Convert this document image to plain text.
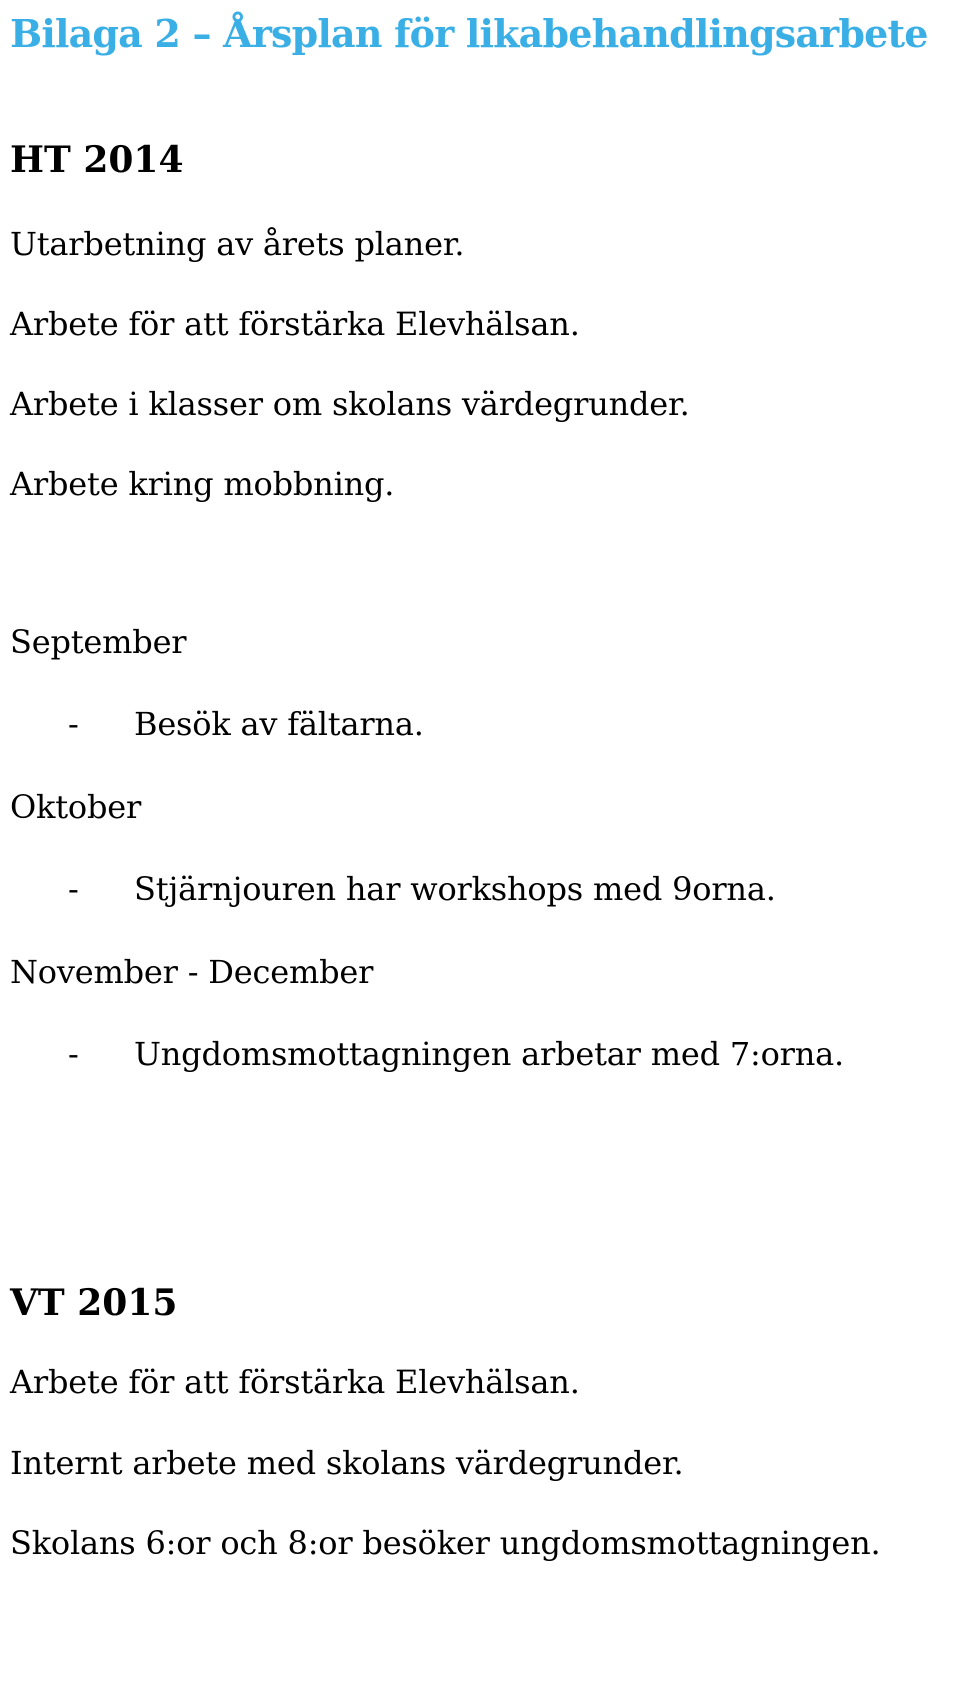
Bilaga 2 – Årsplan för likabehandlingsarbete
HT 2014
Utarbetning av årets planer.
Arbete för att förstärka Elevhälsan.
Arbete i klasser om skolans värdegrunder.
Arbete kring mobbning.
September
- Besök av fältarna.
Oktober
- Stjärnjouren har workshops med 9orna.
November - December
- Ungdomsmottagningen arbetar med 7:orna.
VT 2015
Arbete för att förstärka Elevhälsan.
Internt arbete med skolans värdegrunder.
Skolans 6:or och 8:or besöker ungdomsmottagningen.
